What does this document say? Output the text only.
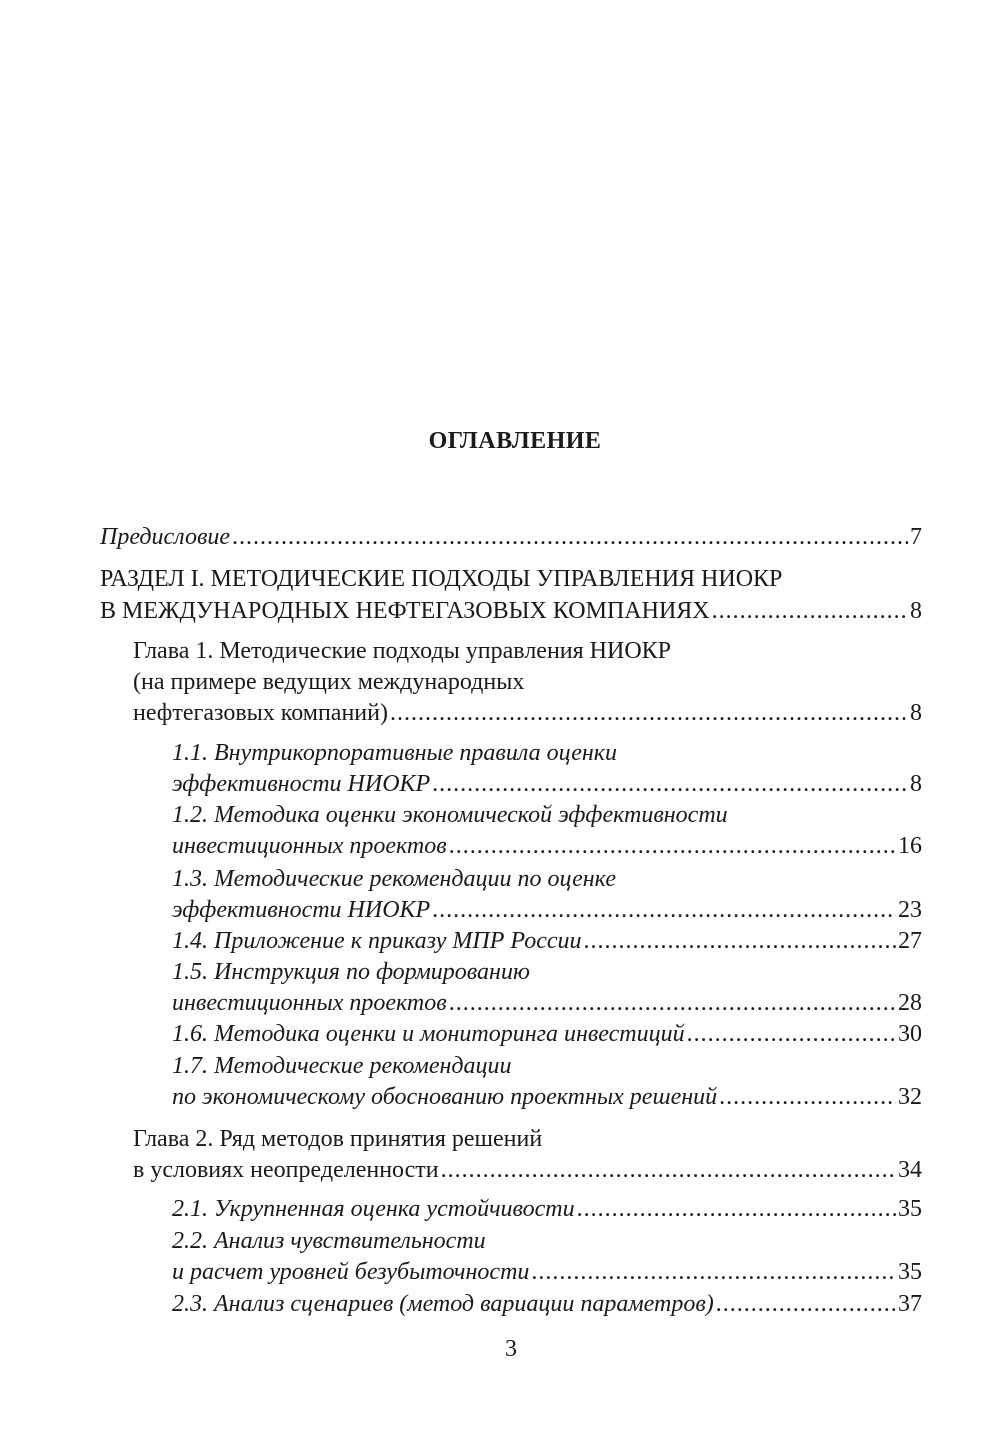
ОГЛАВЛЕНИЕ
Предисловие .....	7
РАЗДЕЛ I. МЕТОДИЧЕСКИЕ ПОДХОДЫ УПРАВЛЕНИЯ НИОКР
В МЕЖДУНАРОДНЫХ НЕФТЕГАЗОВЫХ КОМПАНИЯХ .....	8
Глава 1. Методические подходы управления НИОКР
(на примере ведущих международных
нефтегазовых компаний) .....	8
1.1. Внутрикорпоративные правила оценки
эффективности НИОКР .....	8
1.2. Методика оценки экономической эффективности
инвестиционных проектов .....	16
1.3. Методические рекомендации по оценке
эффективности НИОКР .....	23
1.4. Приложение к приказу МПР России .....	27
1.5. Инструкция по формированию
инвестиционных проектов .....	28
1.6. Методика оценки и мониторинга инвестиций .....	30
1.7. Методические рекомендации
по экономическому обоснованию проектных решений .....	32
Глава 2. Ряд методов принятия решений
в условиях неопределенности .....	34
2.1. Укрупненная оценка устойчивости .....	35
2.2. Анализ чувствительности
и расчет уровней безубыточности .....	35
2.3. Анализ сценариев (метод вариации параметров) .....	37
3
